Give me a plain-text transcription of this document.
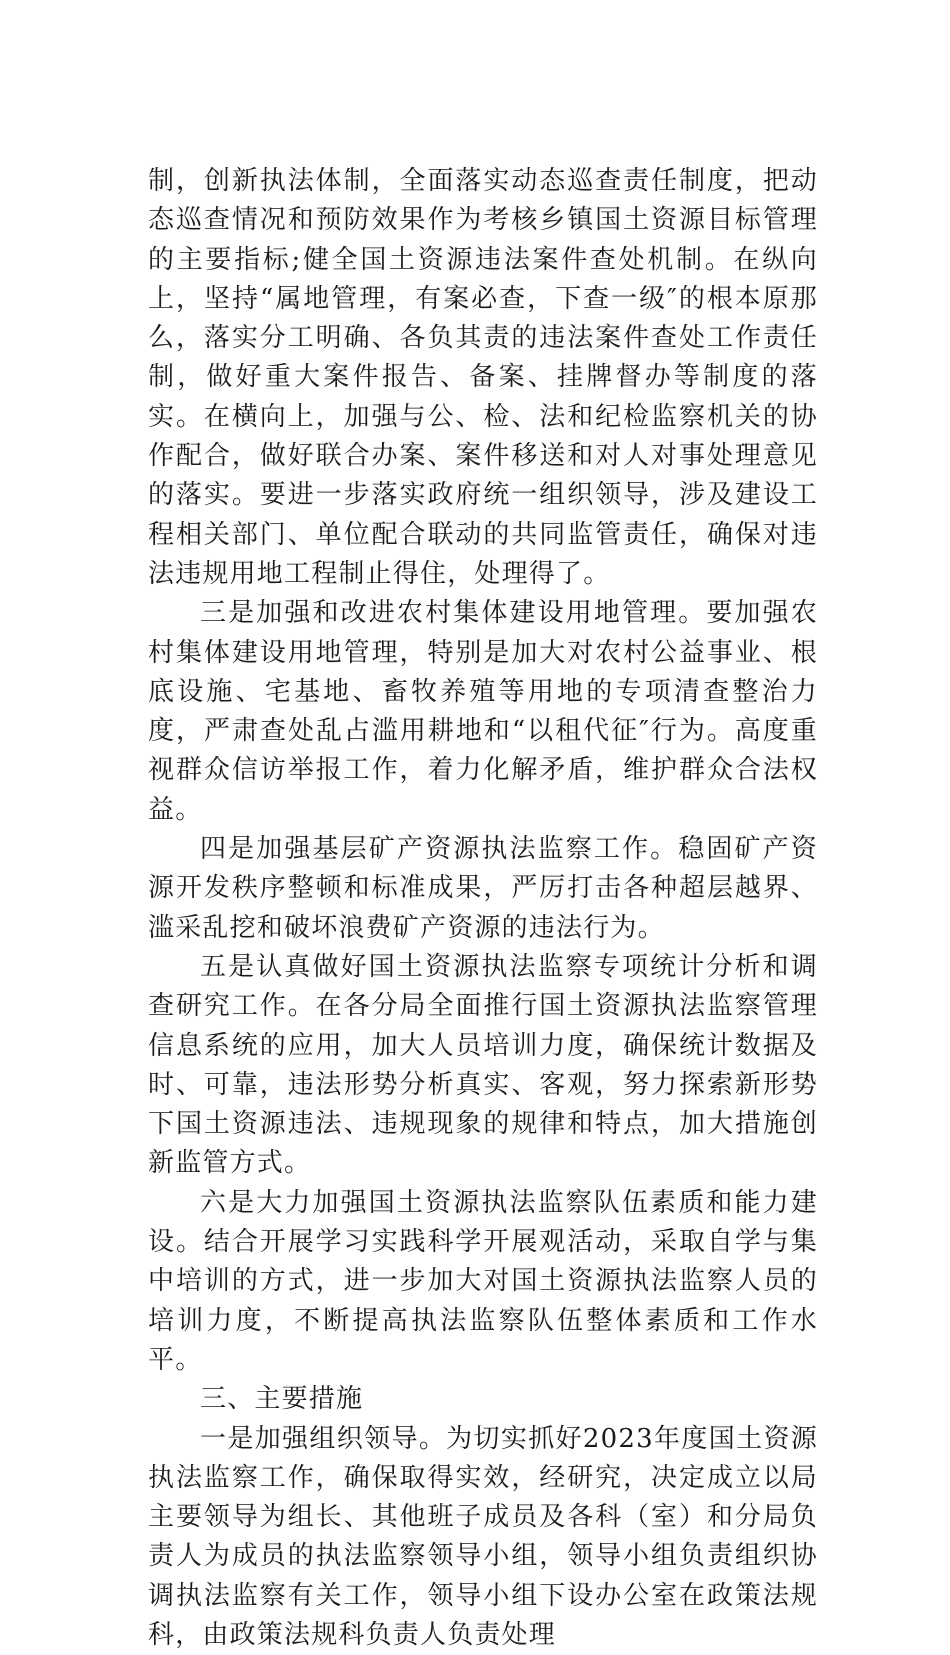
制，创新执法体制，全面落实动态巡查责任制度，把动态巡查情况和预防效果作为考核乡镇国土资源目标管理的主要指标;健全国土资源违法案件查处机制。在纵向上，坚持“属地管理，有案必查，下查一级″的根本原那么，落实分工明确、各负其责的违法案件查处工作责任制，做好重大案件报告、备案、挂牌督办等制度的落实。在横向上，加强与公、检、法和纪检监察机关的协作配合，做好联合办案、案件移送和对人对事处理意见的落实。要进一步落实政府统一组织领导，涉及建设工程相关部门、单位配合联动的共同监管责任，确保对违法违规用地工程制止得住，处理得了。

三是加强和改进农村集体建设用地管理。要加强农村集体建设用地管理，特别是加大对农村公益事业、根底设施、宅基地、畜牧养殖等用地的专项清查整治力度，严肃查处乱占滥用耕地和“以租代征″行为。高度重视群众信访举报工作，着力化解矛盾，维护群众合法权益。

四是加强基层矿产资源执法监察工作。稳固矿产资源开发秩序整顿和标准成果，严厉打击各种超层越界、滥采乱挖和破坏浪费矿产资源的违法行为。

五是认真做好国土资源执法监察专项统计分析和调查研究工作。在各分局全面推行国土资源执法监察管理信息系统的应用，加大人员培训力度，确保统计数据及时、可靠，违法形势分析真实、客观，努力探索新形势下国土资源违法、违规现象的规律和特点，加大措施创新监管方式。

六是大力加强国土资源执法监察队伍素质和能力建设。结合开展学习实践科学开展观活动，采取自学与集中培训的方式，进一步加大对国土资源执法监察人员的培训力度，不断提高执法监察队伍整体素质和工作水平。

三、主要措施

一是加强组织领导。为切实抓好2023年度国土资源执法监察工作，确保取得实效，经研究，决定成立以局主要领导为组长、其他班子成员及各科（室）和分局负责人为成员的执法监察领导小组，领导小组负责组织协调执法监察有关工作，领导小组下设办公室在政策法规科，由政策法规科负责人负责处理
